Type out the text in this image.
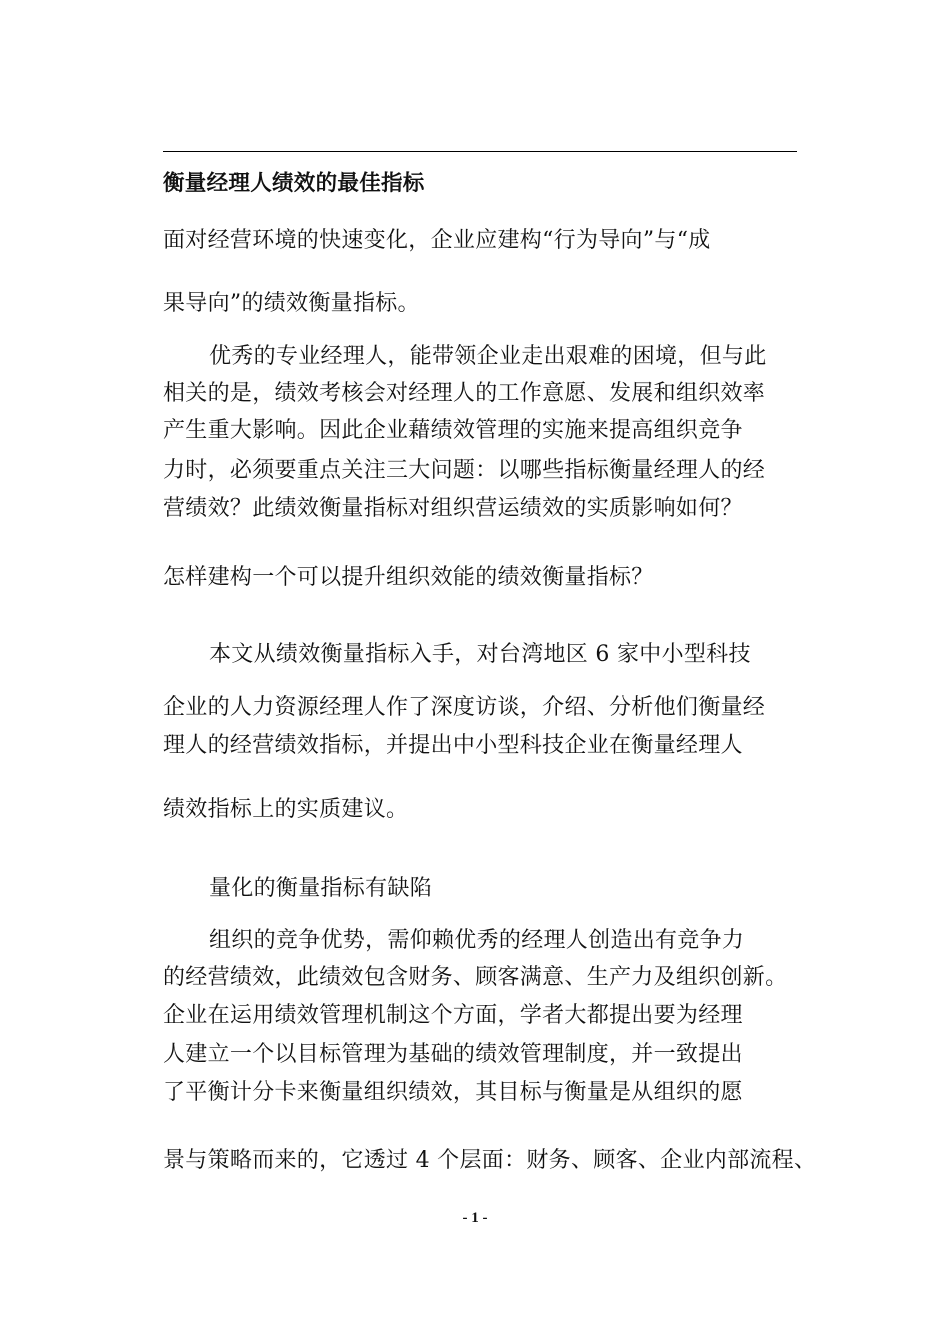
衡量经理人绩效的最佳指标
面对经营环境的快速变化，企业应建构“行为导向”与“成
果导向”的绩效衡量指标。
优秀的专业经理人，能带领企业走出艰难的困境，但与此
相关的是，绩效考核会对经理人的工作意愿、发展和组织效率
产生重大影响。因此企业藉绩效管理的实施来提高组织竞争
力时，必须要重点关注三大问题：以哪些指标衡量经理人的经
营绩效？此绩效衡量指标对组织营运绩效的实质影响如何？
怎样建构一个可以提升组织效能的绩效衡量指标？
本文从绩效衡量指标入手，对台湾地区 6 家中小型科技
企业的人力资源经理人作了深度访谈，介绍、分析他们衡量经
理人的经营绩效指标，并提出中小型科技企业在衡量经理人
绩效指标上的实质建议。
量化的衡量指标有缺陷
组织的竞争优势，需仰赖优秀的经理人创造出有竞争力
的经营绩效，此绩效包含财务、顾客满意、生产力及组织创新。
企业在运用绩效管理机制这个方面，学者大都提出要为经理
人建立一个以目标管理为基础的绩效管理制度，并一致提出
了平衡计分卡来衡量组织绩效，其目标与衡量是从组织的愿
景与策略而来的，它透过 4 个层面：财务、顾客、企业内部流程、
- 1 -
